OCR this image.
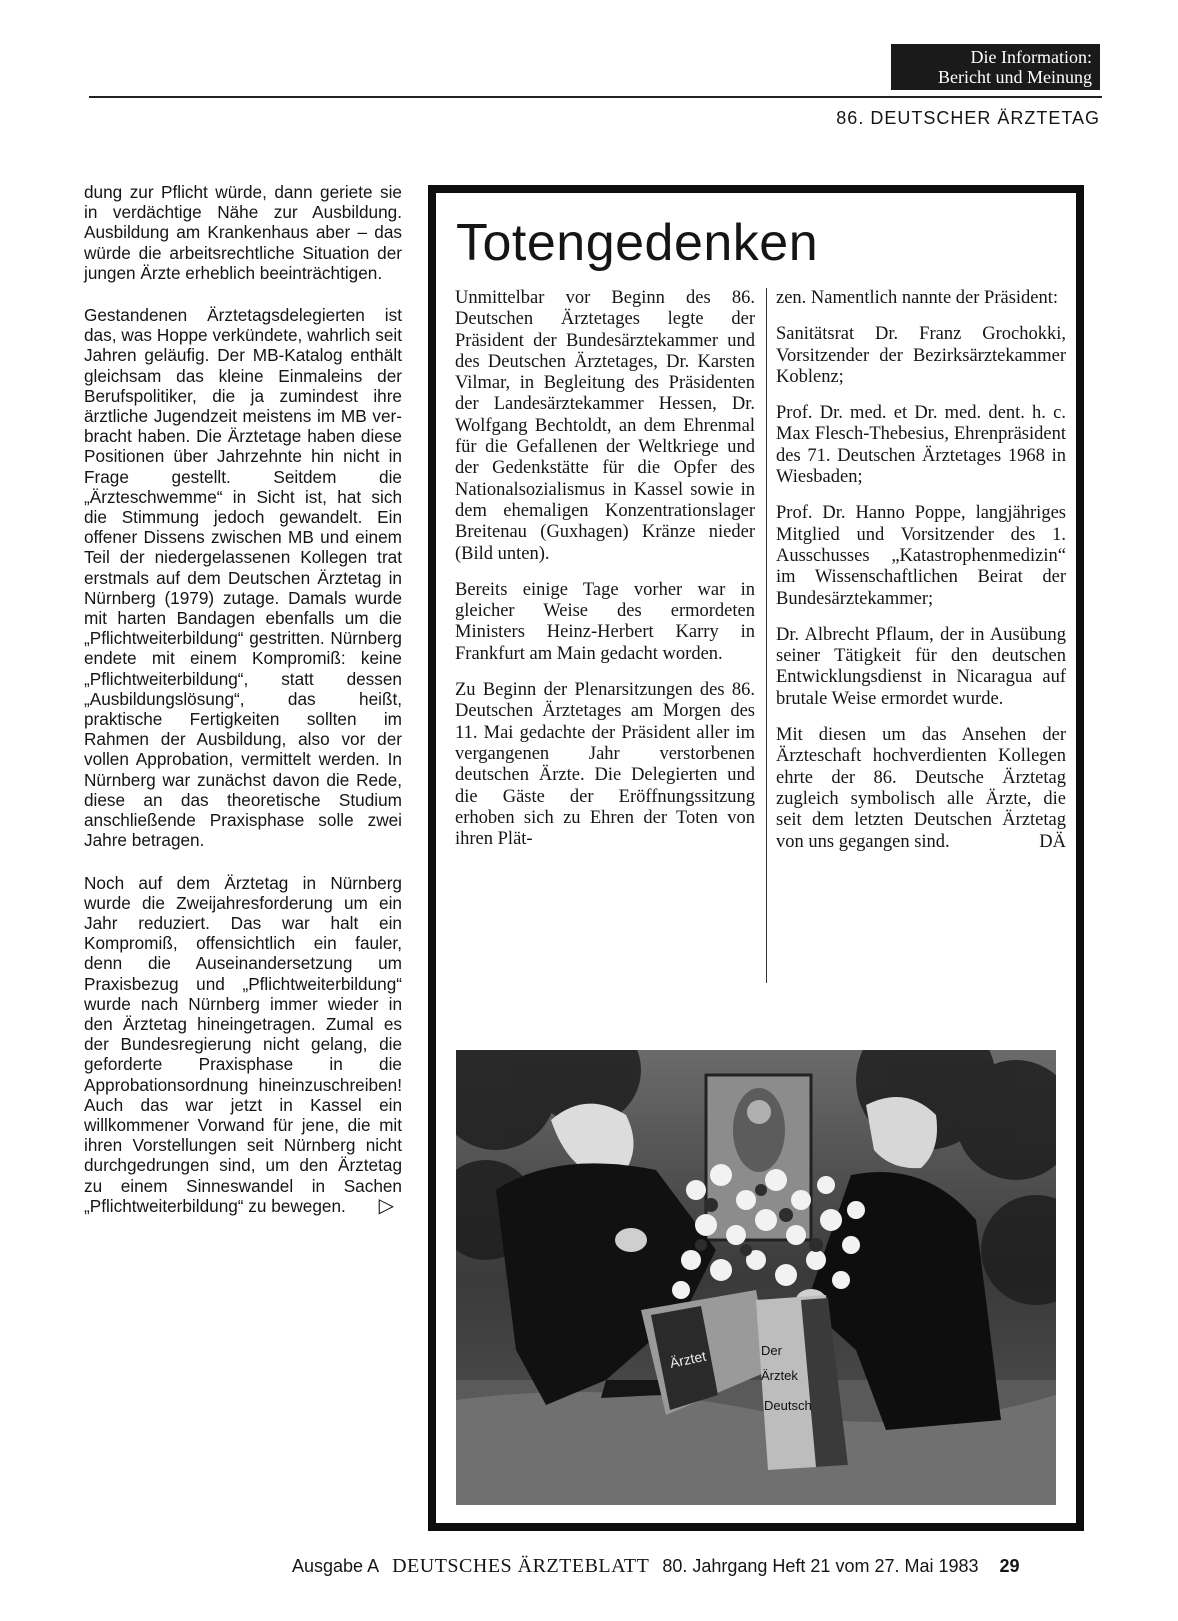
Die Information:
Bericht und Meinung
86. DEUTSCHER ÄRZTETAG

dung zur Pflicht würde, dann geriete sie in verdächtige Nähe zur Ausbildung. Ausbildung am Krankenhaus aber – das würde die arbeitsrechtliche Situation der jungen Ärzte erheblich beeinträchtigen.

Gestandenen Ärztetagsdelegierten ist das, was Hoppe verkündete, wahrlich seit Jahren geläufig. Der MB-Katalog enthält gleichsam das kleine Einmaleins der Berufspolitiker, die ja zumindest ihre ärztliche Jugendzeit meistens im MB verbracht haben. Die Ärztetage haben diese Positionen über Jahrzehnte hin nicht in Frage gestellt. Seitdem die „Ärzteschwemme“ in Sicht ist, hat sich die Stimmung jedoch gewandelt. Ein offener Dissens zwischen MB und einem Teil der niedergelassenen Kollegen trat erstmals auf dem Deutschen Ärztetag in Nürnberg (1979) zutage. Damals wurde mit harten Bandagen ebenfalls um die „Pflichtweiterbildung“ gestritten. Nürnberg endete mit einem Kompromiß: keine „Pflichtweiterbildung“, statt dessen „Ausbildungslösung“, das heißt, praktische Fertigkeiten sollten im Rahmen der Ausbildung, also vor der vollen Approbation, vermittelt werden. In Nürnberg war zunächst davon die Rede, diese an das theoretische Studium anschließende Praxisphase solle zwei Jahre betragen.

Noch auf dem Ärztetag in Nürnberg wurde die Zweijahresforderung um ein Jahr reduziert. Das war halt ein Kompromiß, offensichtlich ein fauler, denn die Auseinandersetzung um Praxisbezug und „Pflichtweiterbildung“ wurde nach Nürnberg immer wieder in den Ärztetag hineingetragen. Zumal es der Bundesregierung nicht gelang, die geforderte Praxisphase in die Approbationsordnung hineinzuschreiben! Auch das war jetzt in Kassel ein willkommener Vorwand für jene, die mit ihren Vorstellungen seit Nürnberg nicht durchgedrungen sind, um den Ärztetag zu einem Sinneswandel in Sachen „Pflichtweiterbildung“ zu bewegen. ▷

Totengedenken

Unmittelbar vor Beginn des 86. Deutschen Ärztetages legte der Präsident der Bundesärztekammer und des Deutschen Ärztetages, Dr. Karsten Vilmar, in Begleitung des Präsidenten der Landesärztekammer Hessen, Dr. Wolfgang Bechtoldt, an dem Ehrenmal für die Gefallenen der Weltkriege und der Gedenkstätte für die Opfer des Nationalsozialismus in Kassel sowie in dem ehemaligen Konzentrationslager Breitenau (Guxhagen) Kränze nieder (Bild unten).

Bereits einige Tage vorher war in gleicher Weise des ermordeten Ministers Heinz-Herbert Karry in Frankfurt am Main gedacht worden.

Zu Beginn der Plenarsitzungen des 86. Deutschen Ärztetages am Morgen des 11. Mai gedachte der Präsident aller im vergangenen Jahr verstorbenen deutschen Ärzte. Die Delegierten und die Gäste der Eröffnungssitzung erhoben sich zu Ehren der Toten von ihren Plät-

zen. Namentlich nannte der Präsident:

Sanitätsrat Dr. Franz Grochokki, Vorsitzender der Bezirksärztekammer Koblenz;

Prof. Dr. med. et Dr. med. dent. h. c. Max Flesch-Thebesius, Ehrenpräsident des 71. Deutschen Ärztetages 1968 in Wiesbaden;

Prof. Dr. Hanno Poppe, langjähriges Mitglied und Vorsitzender des 1. Ausschusses „Katastrophenmedizin“ im Wissenschaftlichen Beirat der Bundesärztekammer;

Dr. Albrecht Pflaum, der in Ausübung seiner Tätigkeit für den deutschen Entwicklungsdienst in Nicaragua auf brutale Weise ermordet wurde.

Mit diesen um das Ansehen der Ärzteschaft hochverdienten Kollegen ehrte der 86. Deutsche Ärztetag zugleich symbolisch alle Ärzte, die seit dem letzten Deutschen Ärztetag von uns gegangen sind.	DÄ

Ärztet	Der
Ärztek
Deutsch
Ausgabe A DEUTSCHES ÄRZTEBLATT 80. Jahrgang Heft 21 vom 27. Mai 1983 29
